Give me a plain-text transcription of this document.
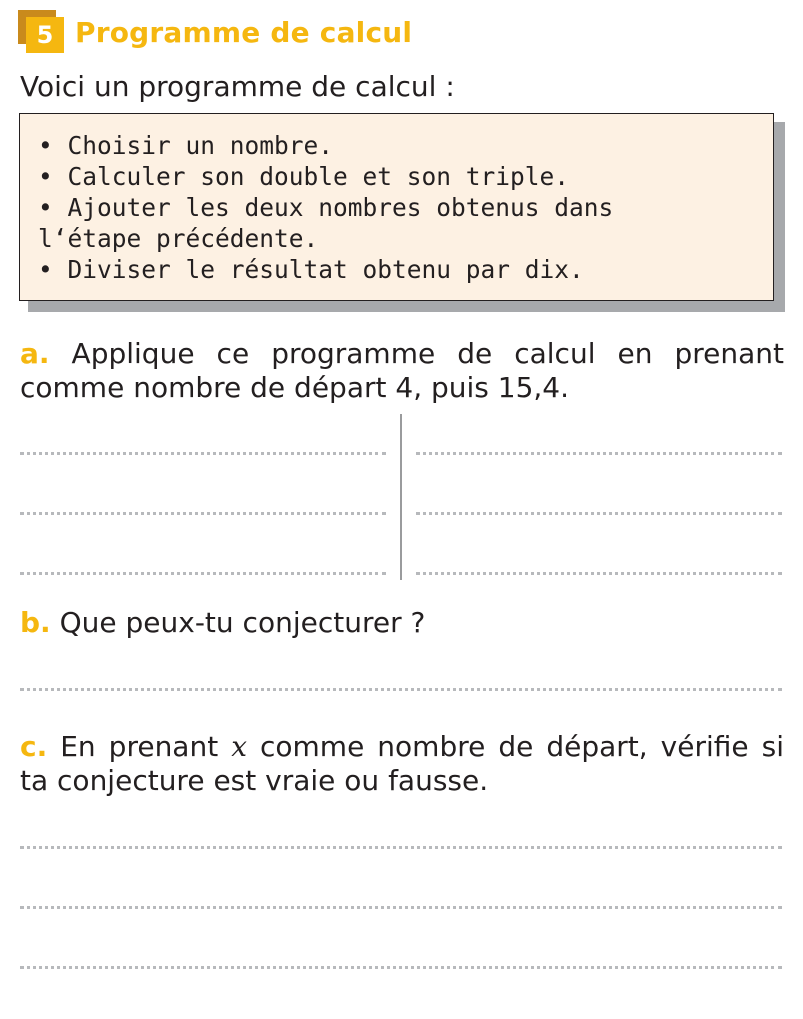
5 Programme de calcul
Voici un programme de calcul :
• Choisir un nombre.
• Calculer son double et son triple.
• Ajouter les deux nombres obtenus dans
l‘étape précédente.
• Diviser le résultat obtenu par dix.
a. Applique ce programme de calcul en prenant comme nombre de départ 4, puis 15,4.
b. Que peux-tu conjecturer ?
c. En prenant x comme nombre de départ, vérifie si ta conjecture est vraie ou fausse.
